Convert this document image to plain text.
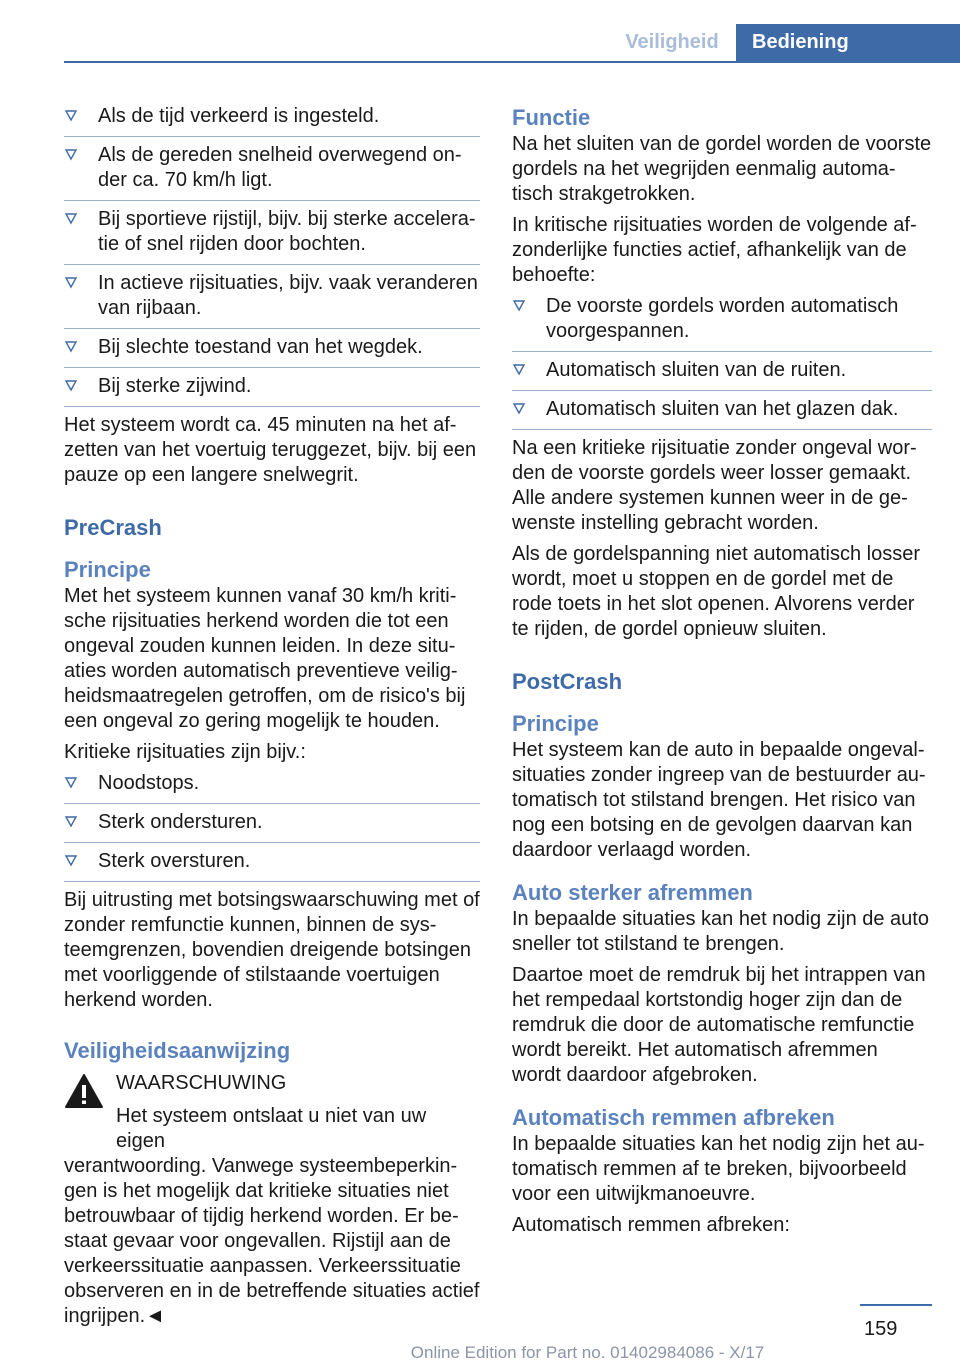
Veiligheid	Bediening
Als de tijd verkeerd is ingesteld.
Als de gereden snelheid overwegend on-der ca. 70 km/h ligt.
Bij sportieve rijstijl, bijv. bij sterke accelera-tie of snel rijden door bochten.
In actieve rijsituaties, bijv. vaak veranderen van rijbaan.
Bij slechte toestand van het wegdek.
Bij sterke zijwind.

Het systeem wordt ca. 45 minuten na het af-zetten van het voertuig teruggezet, bijv. bij een pauze op een langere snelwegrit.

PreCrash
Principe

Met het systeem kunnen vanaf 30 km/h kriti-sche rijsituaties herkend worden die tot een ongeval zouden kunnen leiden. In deze situ-aties worden automatisch preventieve veilig-heidsmaatregelen getroffen, om de risico's bij een ongeval zo gering mogelijk te houden.

Kritieke rijsituaties zijn bijv.:

Noodstops.
Sterk ondersturen.
Sterk oversturen.

Bij uitrusting met botsingswaarschuwing met of zonder remfunctie kunnen, binnen de sys-teemgrenzen, bovendien dreigende botsingen met voorliggende of stilstaande voertuigen herkend worden.

Veiligheidsaanwijzing
WAARSCHUWING
Het systeem ontslaat u niet van uw eigen
verantwoording. Vanwege systeembeperkin-gen is het mogelijk dat kritieke situaties niet betrouwbaar of tijdig herkend worden. Er be-staat gevaar voor ongevallen. Rijstijl aan de verkeerssituatie aanpassen. Verkeerssituatie observeren en in de betreffende situaties actief ingrijpen.◄
Functie

Na het sluiten van de gordel worden de voorste gordels na het wegrijden eenmalig automa-tisch strakgetrokken.

In kritische rijsituaties worden de volgende af-zonderlijke functies actief, afhankelijk van de behoefte:

De voorste gordels worden automatisch voorgespannen.
Automatisch sluiten van de ruiten.
Automatisch sluiten van het glazen dak.

Na een kritieke rijsituatie zonder ongeval wor-den de voorste gordels weer losser gemaakt. Alle andere systemen kunnen weer in de ge-wenste instelling gebracht worden.

Als de gordelspanning niet automatisch losser wordt, moet u stoppen en de gordel met de rode toets in het slot openen. Alvorens verder te rijden, de gordel opnieuw sluiten.

PostCrash
Principe

Het systeem kan de auto in bepaalde ongeval-situaties zonder ingreep van de bestuurder au-tomatisch tot stilstand brengen. Het risico van nog een botsing en de gevolgen daarvan kan daardoor verlaagd worden.

Auto sterker afremmen

In bepaalde situaties kan het nodig zijn de auto sneller tot stilstand te brengen.

Daartoe moet de remdruk bij het intrappen van het rempedaal kortstondig hoger zijn dan de remdruk die door de automatische remfunctie wordt bereikt. Het automatisch afremmen wordt daardoor afgebroken.

Automatisch remmen afbreken

In bepaalde situaties kan het nodig zijn het au-tomatisch remmen af te breken, bijvoorbeeld voor een uitwijkmanoeuvre.

Automatisch remmen afbreken:

159
Online Edition for Part no. 01402984086 - X/17
